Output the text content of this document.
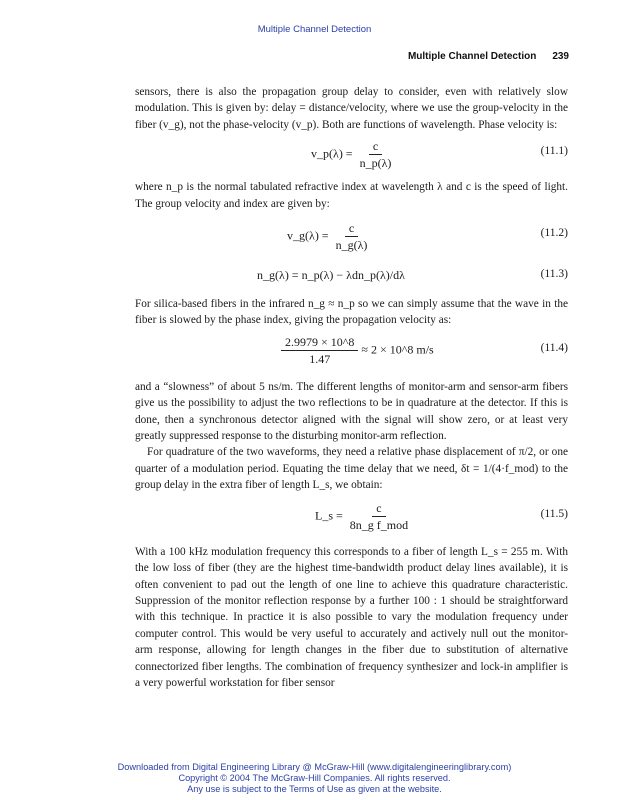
Multiple Channel Detection
Multiple Channel Detection 239

sensors, there is also the propagation group delay to consider, even with relatively slow modulation. This is given by: delay = distance/velocity, where we use the group-velocity in the fiber (v_g), not the phase-velocity (v_p). Both are functions of wavelength. Phase velocity is:

v_p(λ) = $\frac{c}{n\_p(\lambda)}$	(11.1)

where n_p is the normal tabulated refractive index at wavelength λ and c is the speed of light. The group velocity and index are given by:

v_g(λ) = $\frac{c}{n\_g(\lambda)}$	(11.2)
n_g(λ) = n_p(λ) − λdn_p(λ)/dλ	(11.3)

For silica-based fibers in the infrared n_g ≈ n_p so we can simply assume that the wave in the fiber is slowed by the phase index, giving the propagation velocity as:

$\frac{2.9979 \times 10\^{}8}{1.47} \approx 2$ × 10^8 m/s	(11.4)

and a “slowness” of about 5 ns/m. The different lengths of monitor-arm and sensor-arm fibers give us the possibility to adjust the two reflections to be in quadrature at the detector. If this is done, then a synchronous detector aligned with the signal will show zero, or at least very greatly suppressed response to the disturbing monitor-arm reflection.

For quadrature of the two waveforms, they need a relative phase displacement of π/2, or one quarter of a modulation period. Equating the time delay that we need, δt = 1/(4·f_mod) to the group delay in the extra fiber of length L_s, we obtain:

L_s = $\frac{c}{\text{8n\_g f\_mod}}$	(11.5)

With a 100 kHz modulation frequency this corresponds to a fiber of length L_s = 255 m. With the low loss of fiber (they are the highest time-bandwidth product delay lines available), it is often convenient to pad out the length of one line to achieve this quadrature characteristic. Suppression of the monitor reflection response by a further 100 : 1 should be straightforward with this technique. In practice it is also possible to vary the modulation frequency under computer control. This would be very useful to accurately and actively null out the monitor-arm response, allowing for length changes in the fiber due to substitution of alternative connectorized fiber lengths. The combination of frequency synthesizer and lock-in amplifier is a very powerful workstation for fiber sensor

Downloaded from Digital Engineering Library @ McGraw-Hill (www.digitalengineeringlibrary.com)
Copyright © 2004 The McGraw-Hill Companies. All rights reserved.
Any use is subject to the Terms of Use as given at the website.
